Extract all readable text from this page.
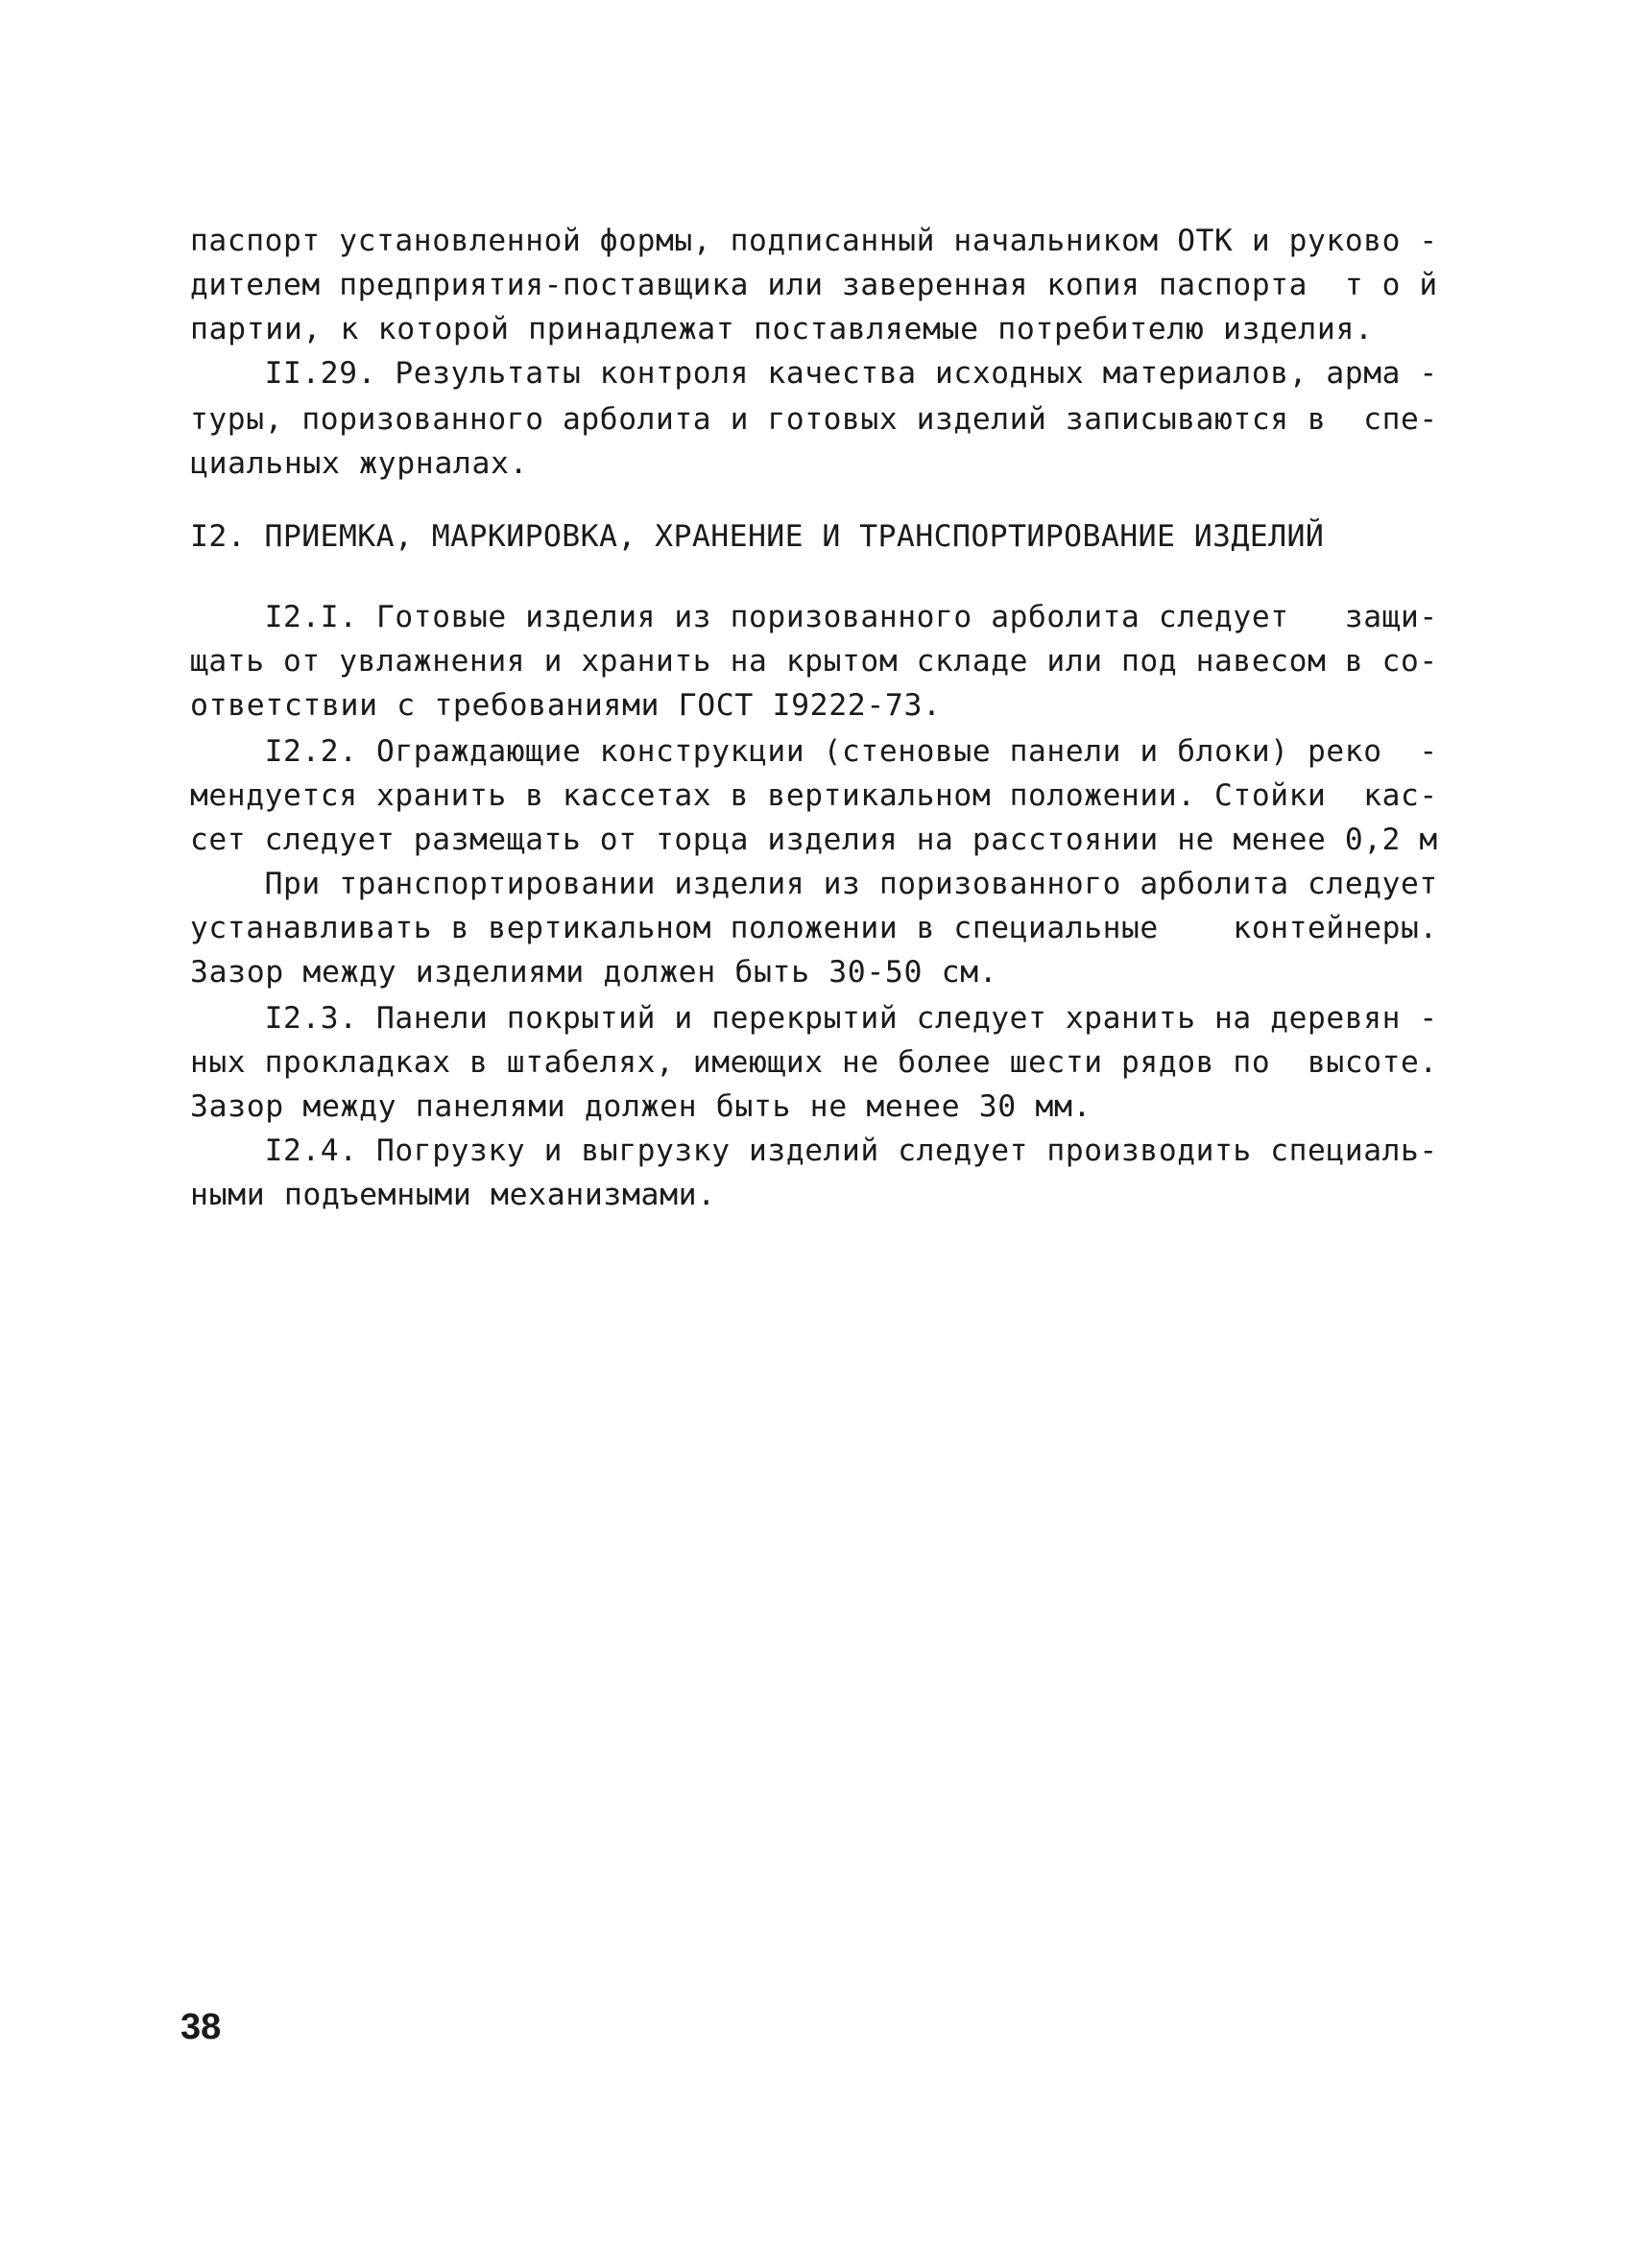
паспорт установленной формы, подписанный начальником ОТК и руково -
дителем предприятия-поставщика или заверенная копия паспорта  т о й
партии, к которой принадлежат поставляемые потребителю изделия.
II.29. Результаты контроля качества исходных материалов, арма -
туры, поризованного арболита и готовых изделий записываются в  спе-
циальных журналах.
I2. ПРИЕМКА, МАРКИРОВКА, ХРАНЕНИЕ И ТРАНСПОРТИРОВАНИЕ ИЗДЕЛИЙ
I2.I. Готовые изделия из поризованного арболита следует   защи-
щать от увлажнения и хранить на крытом складе или под навесом в со-
ответствии с требованиями ГОСТ I9222-73.
I2.2. Ограждающие конструкции (стеновые панели и блоки) реко  -
мендуется хранить в кассетах в вертикальном положении. Стойки  кас-
сет следует размещать от торца изделия на расстоянии не менее 0,2 м
При транспортировании изделия из поризованного арболита следует
устанавливать в вертикальном положении в специальные    контейнеры.
Зазор между изделиями должен быть 30-50 см.
I2.3. Панели покрытий и перекрытий следует хранить на деревян -
ных прокладках в штабелях, имеющих не более шести рядов по  высоте.
Зазор между панелями должен быть не менее 30 мм.
I2.4. Погрузку и выгрузку изделий следует производить специаль-
ными подъемными механизмами.
38
